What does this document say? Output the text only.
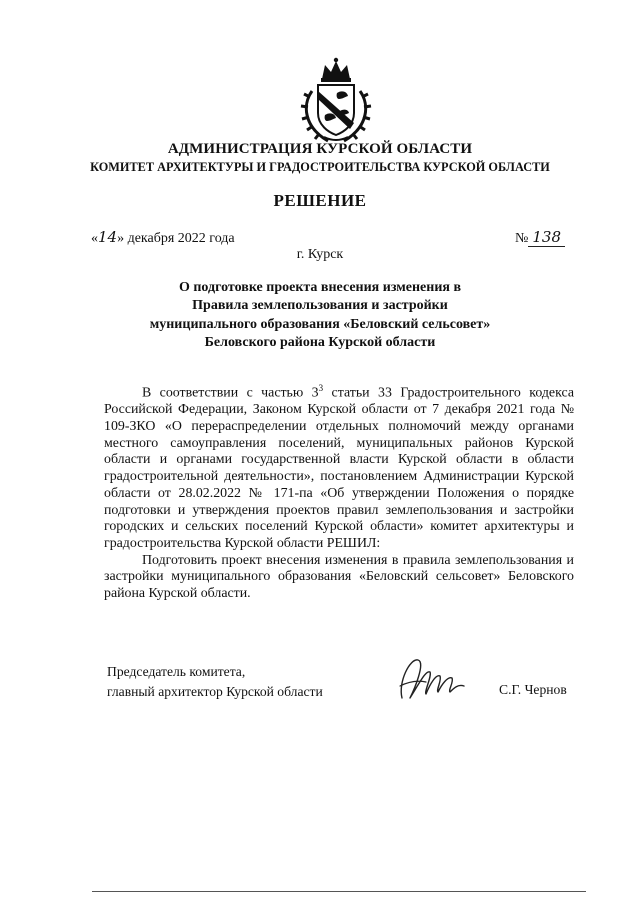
АДМИНИСТРАЦИЯ КУРСКОЙ ОБЛАСТИ
КОМИТЕТ АРХИТЕКТУРЫ И ГРАДОСТРОИТЕЛЬСТВА КУРСКОЙ ОБЛАСТИ
РЕШЕНИЕ
«14» декабря 2022 года	№ 138
г. Курск
О подготовке проекта внесения изменения в
Правила землепользования и застройки
муниципального образования «Беловский сельсовет»
Беловского района Курской области

В соответствии с частью $3^3$ статьи 33 Градостроительного кодекса Российской Федерации, Законом Курской области от 7 декабря 2021 года № 109-ЗКО «О перераспределении отдельных полномочий между органами местного самоуправления поселений, муниципальных районов Курской области и органами государственной власти Курской области в области градостроительной деятельности», постановлением Администрации Курской области от 28.02.2022 № 171-па «Об утверждении Положения о порядке подготовки и утверждения проектов правил землепользования и застройки городских и сельских поселений Курской области» комитет архитектуры и градостроительства Курской области РЕШИЛ:

Подготовить проект внесения изменения в правила землепользования и застройки муниципального образования «Беловский сельсовет» Беловского района Курской области.

Председатель комитета,
главный архитектор Курской области	С.Г. Чернов
